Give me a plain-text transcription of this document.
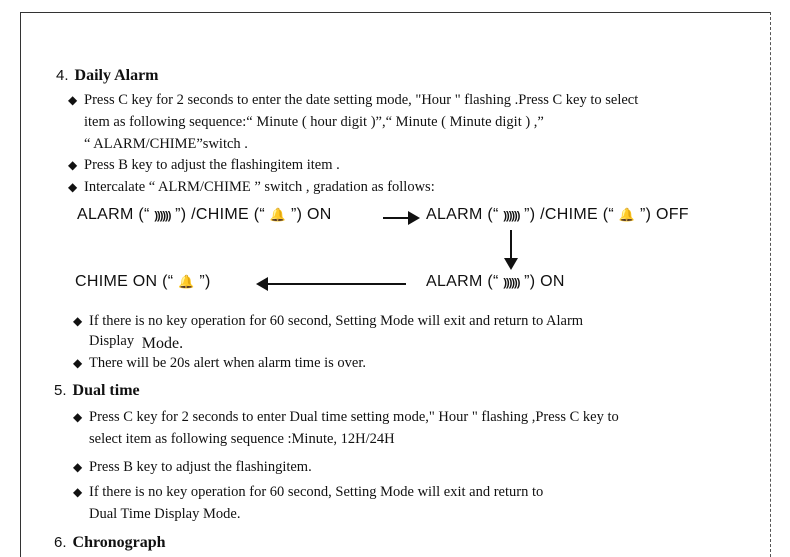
4. Daily Alarm
◆ Press C key for 2 seconds to enter the date setting mode, "Hour " flashing .Press C key to select
item as following sequence:“ Minute ( hour digit )”,“ Minute ( Minute digit ) ,”
“ ALARM/CHIME”switch .
◆ Press B key to adjust the flashingitem item .
◆ Intercalate “ ALRM/CHIME ” switch , gradation as follows:
ALARM (“ )))))) ”) /CHIME (“ 🔔 ”) ON	ALARM (“ )))))) ”) /CHIME (“ 🔔 ”) OFF
CHIME ON (“ 🔔 ”)	ALARM (“ )))))) ”) ON
◆ If there is no key operation for 60 second, Setting Mode will exit and return to Alarm
Display Mode.
◆ There will be 20s alert when alarm time is over.
5. Dual time
◆ Press C key for 2 seconds to enter Dual time setting mode," Hour " flashing ,Press C key to
select item as following sequence :Minute, 12H/24H
◆ Press B key to adjust the flashingitem.
◆ If there is no key operation for 60 second, Setting Mode will exit and return to
Dual Time Display Mode.
6. Chronograph
